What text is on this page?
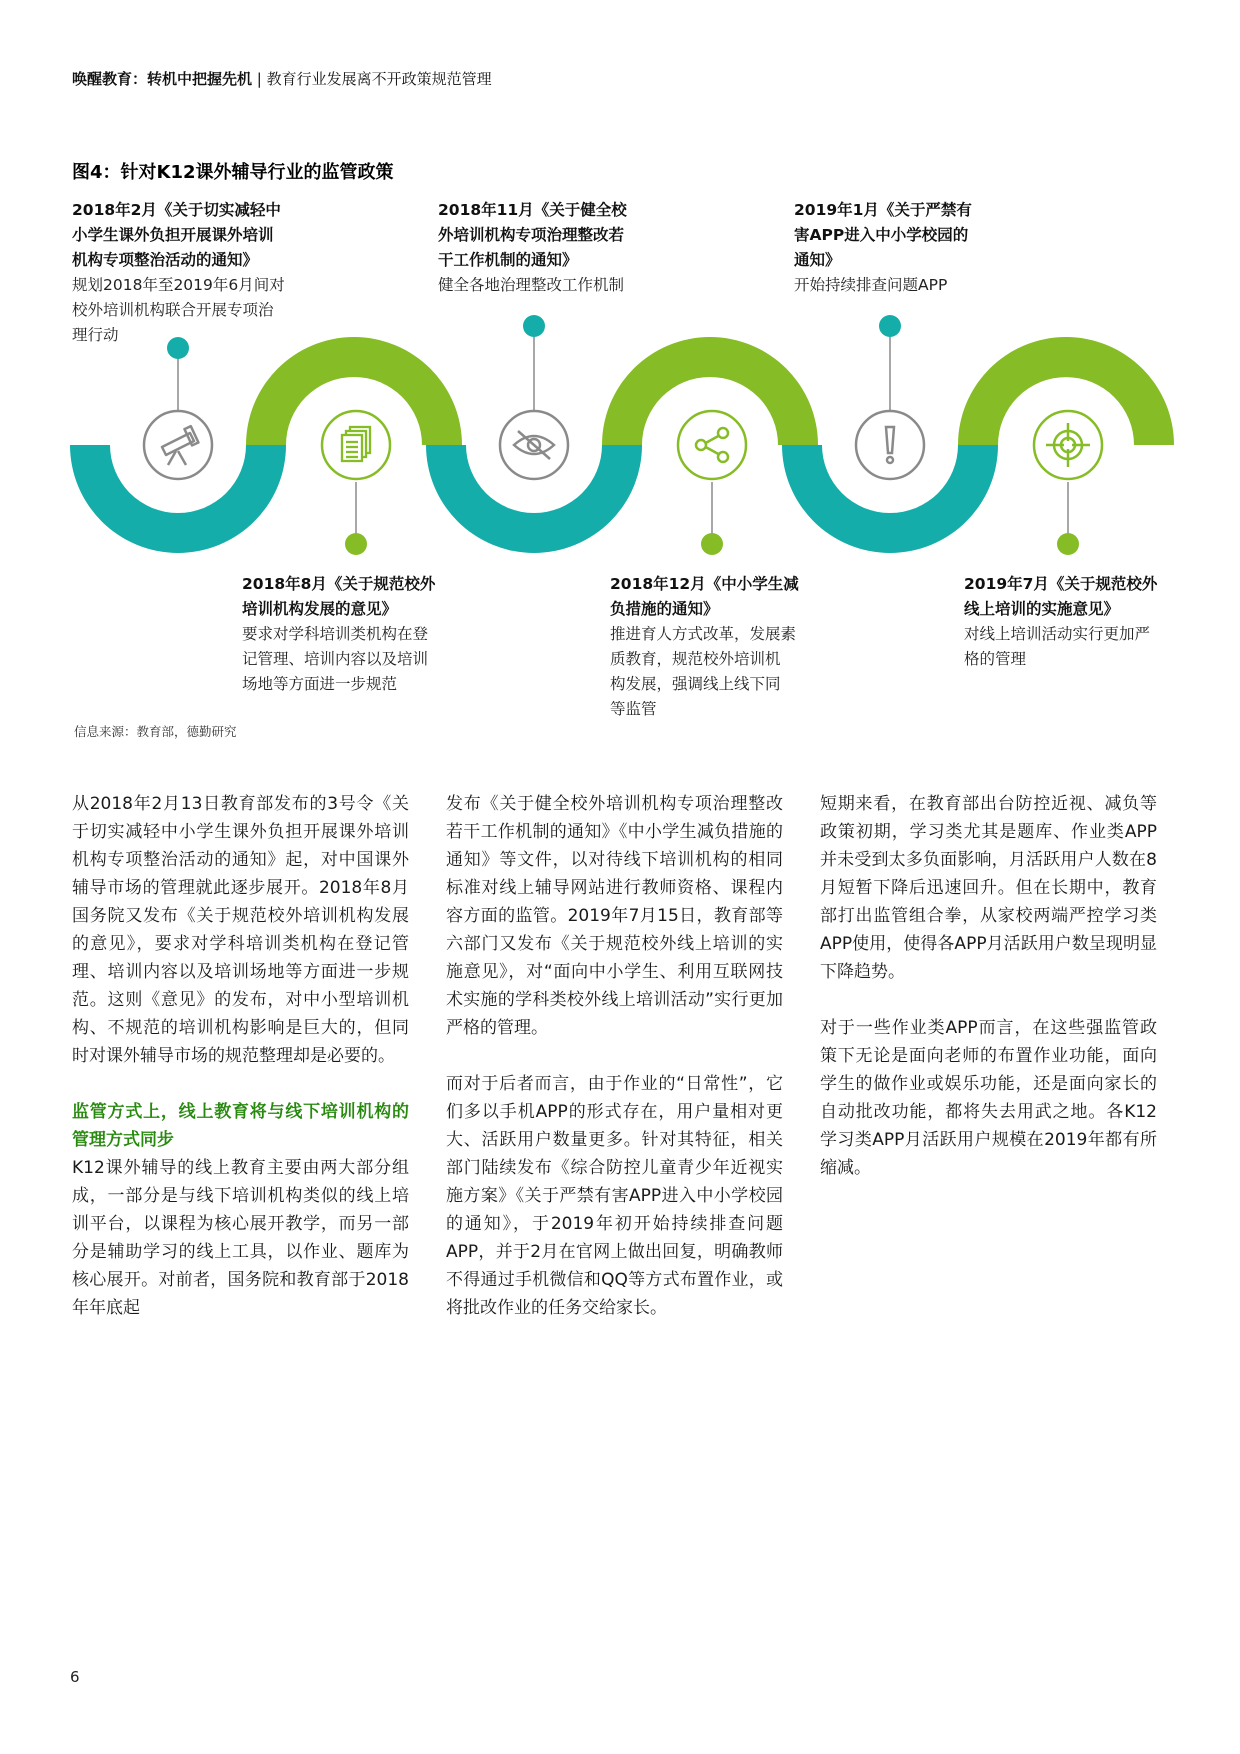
唤醒教育：转机中把握先机 | 教育行业发展离不开政策规范管理
图4：针对K12课外辅导行业的监管政策
2018年2月《关于切实减轻中
小学生课外负担开展课外培训
机构专项整治活动的通知》
规划2018年至2019年6月间对
校外培训机构联合开展专项治
理行动
2018年11月《关于健全校
外培训机构专项治理整改若
干工作机制的通知》
健全各地治理整改工作机制
2019年1月《关于严禁有
害APP进入中小学校园的
通知》
开始持续排查问题APP
2018年8月《关于规范校外
培训机构发展的意见》
要求对学科培训类机构在登
记管理、培训内容以及培训
场地等方面进一步规范
2018年12月《中小学生减
负措施的通知》
推进育人方式改革，发展素
质教育，规范校外培训机
构发展，强调线上线下同
等监管
2019年7月《关于规范校外
线上培训的实施意见》
对线上培训活动实行更加严
格的管理
信息来源：教育部，德勤研究

从2018年2月13日教育部发布的3号令《关于切实减轻中小学生课外负担开展课外培训机构专项整治活动的通知》起，对中国课外辅导市场的管理就此逐步展开。2018年8月国务院又发布《关于规范校外培训机构发展的意见》，要求对学科培训类机构在登记管理、培训内容以及培训场地等方面进一步规范。这则《意见》的发布，对中小型培训机构、不规范的培训机构影响是巨大的，但同时对课外辅导市场的规范整理却是必要的。

监管方式上，线上教育将与线下培训机构的管理方式同步

K12课外辅导的线上教育主要由两大部分组成，一部分是与线下培训机构类似的线上培训平台，以课程为核心展开教学，而另一部分是辅助学习的线上工具，以作业、题库为核心展开。对前者，国务院和教育部于2018年年底起

发布《关于健全校外培训机构专项治理整改若干工作机制的通知》《中小学生减负措施的通知》等文件，以对待线下培训机构的相同标准对线上辅导网站进行教师资格、课程内容方面的监管。2019年7月15日，教育部等六部门又发布《关于规范校外线上培训的实施意见》，对“面向中小学生、利用互联网技术实施的学科类校外线上培训活动”实行更加严格的管理。

而对于后者而言，由于作业的“日常性”，它们多以手机APP的形式存在，用户量相对更大、活跃用户数量更多。针对其特征，相关部门陆续发布《综合防控儿童青少年近视实施方案》《关于严禁有害APP进入中小学校园的通知》，于2019年初开始持续排查问题APP，并于2月在官网上做出回复，明确教师不得通过手机微信和QQ等方式布置作业，或将批改作业的任务交给家长。

短期来看，在教育部出台防控近视、减负等政策初期，学习类尤其是题库、作业类APP并未受到太多负面影响，月活跃用户人数在8月短暂下降后迅速回升。但在长期中，教育部打出监管组合拳，从家校两端严控学习类APP使用，使得各APP月活跃用户数呈现明显下降趋势。

对于一些作业类APP而言，在这些强监管政策下无论是面向老师的布置作业功能，面向学生的做作业或娱乐功能，还是面向家长的自动批改功能，都将失去用武之地。各K12学习类APP月活跃用户规模在2019年都有所缩减。

6
